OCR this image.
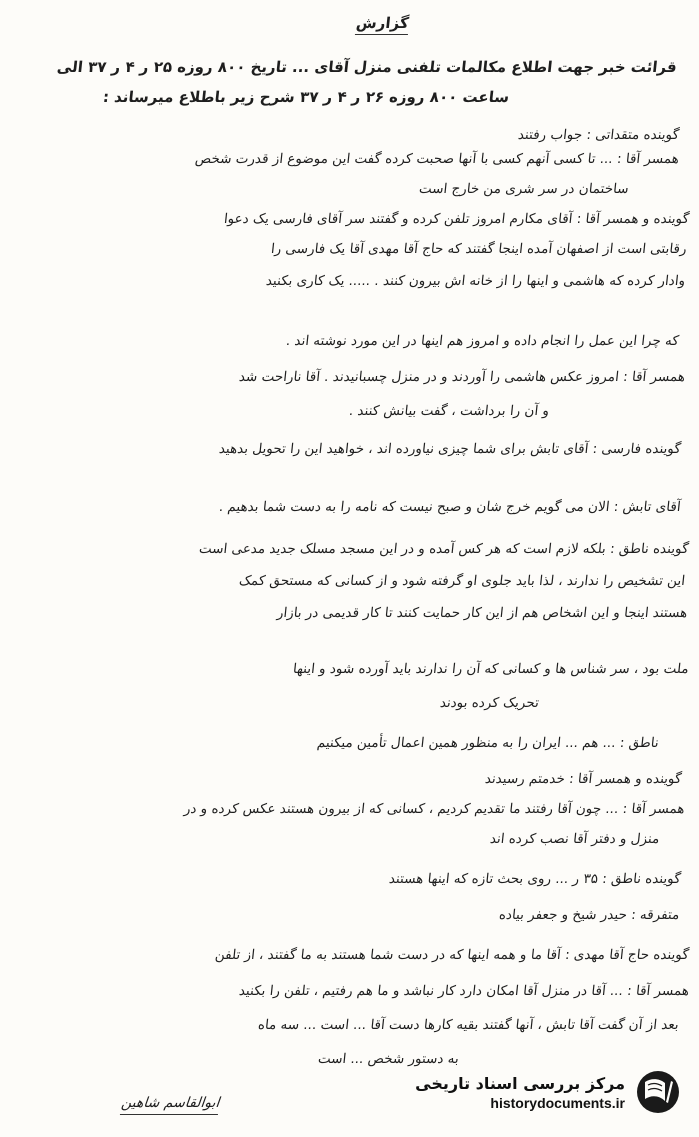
گزارش
قرائت خبر جهت اطلاع مکالمات تلفنی منزل آقای ... تاریخ ۸۰۰ روزه ۲۵ ر ۴ ر ۳۷ الی
ساعت ۸۰۰ روزه ۲۶ ر ۴ ر ۳۷ شرح زیر باطلاع میرساند :
گوینده متقداتی : جواب رفتند
همسر آقا : ... تا کسی آنهم کسی با آنها صحبت کرده گفت این موضوع از قدرت شخص
ساختمان در سر شری من خارج است
گوینده و همسر آقا : آقای مکارم امروز تلفن کرده و گفتند سر آقای فارسی یک دعوا
رقابتی است از اصفهان آمده اینجا گفتند که حاج آقا مهدی آقا یک فارسی را
وادار کرده که هاشمی و اینها را از خانه اش بیرون کنند . ..... یک کاری بکنید
که چرا این عمل را انجام داده و امروز هم اینها در این مورد نوشته اند .
همسر آقا : امروز عکس هاشمی را آوردند و در منزل چسبانیدند . آقا ناراحت شد
و آن را برداشت ، گفت بیانش کنند .
گوینده فارسی : آقای تابش برای شما چیزی نیاورده اند ، خواهید این را تحویل بدهید
آقای تابش : الان می گویم خرج شان و صبح نیست که نامه را به دست شما بدهیم .
گوینده ناطق : بلکه لازم است که هر کس آمده و در این مسجد مسلک جدید مدعی است
این تشخیص را ندارند ، لذا باید جلوی او گرفته شود و از کسانی که مستحق کمک
هستند اینجا و این اشخاص هم از این کار حمایت کنند تا کار قدیمی در بازار
ملت بود ، سر شناس ها و کسانی که آن را ندارند باید آورده شود و اینها
تحریک کرده بودند
ناطق : ... هم ... ایران را به منظور همین اعمال تأمین میکنیم
گوینده و همسر آقا : خدمتم رسیدند
همسر آقا : ... چون آقا رفتند ما تقدیم کردیم ، کسانی که از بیرون هستند عکس کرده و در
منزل و دفتر آقا نصب کرده اند
گوینده ناطق : ۳۵ ر ... روی بحث تازه که اینها هستند
متفرقه : حیدر شیخ و جعفر بیاده
گوینده حاج آقا مهدی : آقا ما و همه اینها که در دست شما هستند به ما گفتند ، از تلفن
همسر آقا : ... آقا در منزل آقا امکان دارد کار نباشد و ما هم رفتیم ، تلفن را بکنید
بعد از آن گفت آقا تابش ، آنها گفتند بقیه کارها دست آقا ... است ... سه ماه
به دستور شخص ... است
ابوالقاسم شاهین
مرکز بررسی اسناد تاریخی
historydocuments.ir
